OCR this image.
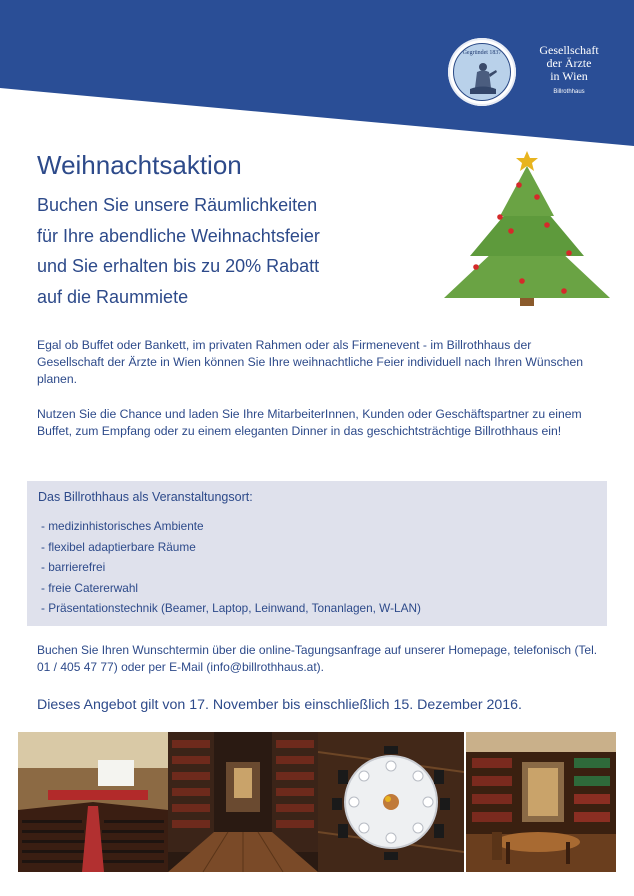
Gegründet 1837	Gesellschaft
der Ärzte
in Wien
Billrothhaus
Weihnachtsaktion
Buchen Sie unsere Räumlichkeiten
für Ihre abendliche Weihnachtsfeier
und Sie erhalten bis zu 20% Rabatt
auf die Raummiete
Egal ob Buffet oder Bankett, im privaten Rahmen oder als Firmenevent - im Billrothhaus der Gesellschaft der Ärzte in Wien können Sie Ihre weihnachtliche Feier individuell nach Ihren Wünschen planen.
Nutzen Sie die Chance und laden Sie Ihre MitarbeiterInnen, Kunden oder Geschäftspartner zu einem Buffet, zum Empfang oder zu einem eleganten Dinner in das geschichtsträchtige Billrothhaus ein!
Das Billrothhaus als Veranstaltungsort:
- medizinhistorisches Ambiente
- flexibel adaptierbare Räume
- barrierefrei
- freie Catererwahl
- Präsentationstechnik (Beamer, Laptop, Leinwand, Tonanlagen, W-LAN)
Buchen Sie Ihren Wunschtermin über die online-Tagungsanfrage auf unserer Homepage, telefonisch (Tel. 01 / 405 47 77) oder per E-Mail (info@billrothhaus.at).
Dieses Angebot gilt von 17. November bis einschließlich 15. Dezember 2016.
